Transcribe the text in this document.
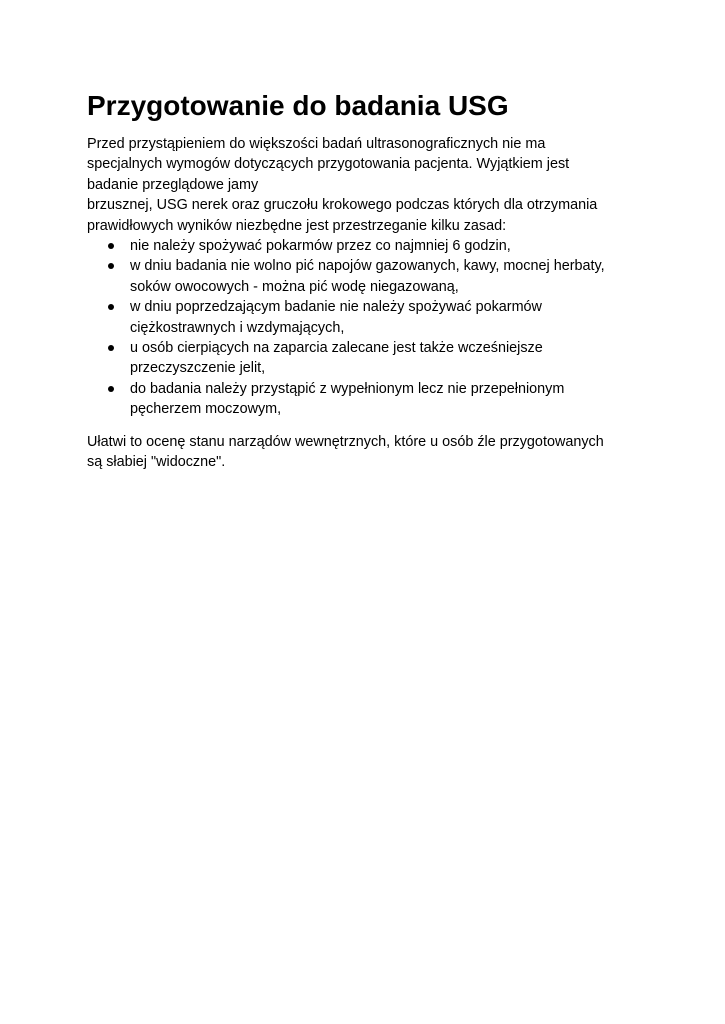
Przygotowanie do badania USG

Przed przystąpieniem do większości badań ultrasonograficznych nie ma
specjalnych wymogów dotyczących przygotowania pacjenta. Wyjątkiem jest
badanie przeglądowe jamy
brzusznej, USG nerek oraz gruczołu krokowego podczas których dla otrzymania
prawidłowych wyników niezbędne jest przestrzeganie kilku zasad:

nie należy spożywać pokarmów przez co najmniej 6 godzin,
w dniu badania nie wolno pić napojów gazowanych, kawy, mocnej herbaty,
soków owocowych - można pić wodę niegazowaną,
w dniu poprzedzającym badanie nie należy spożywać pokarmów
ciężkostrawnych i wzdymających,
u osób cierpiących na zaparcia zalecane jest także wcześniejsze
przeczyszczenie jelit,
do badania należy przystąpić z wypełnionym lecz nie przepełnionym
pęcherzem moczowym,

Ułatwi to ocenę stanu narządów wewnętrznych, które u osób źle przygotowanych
są słabiej "widoczne".
